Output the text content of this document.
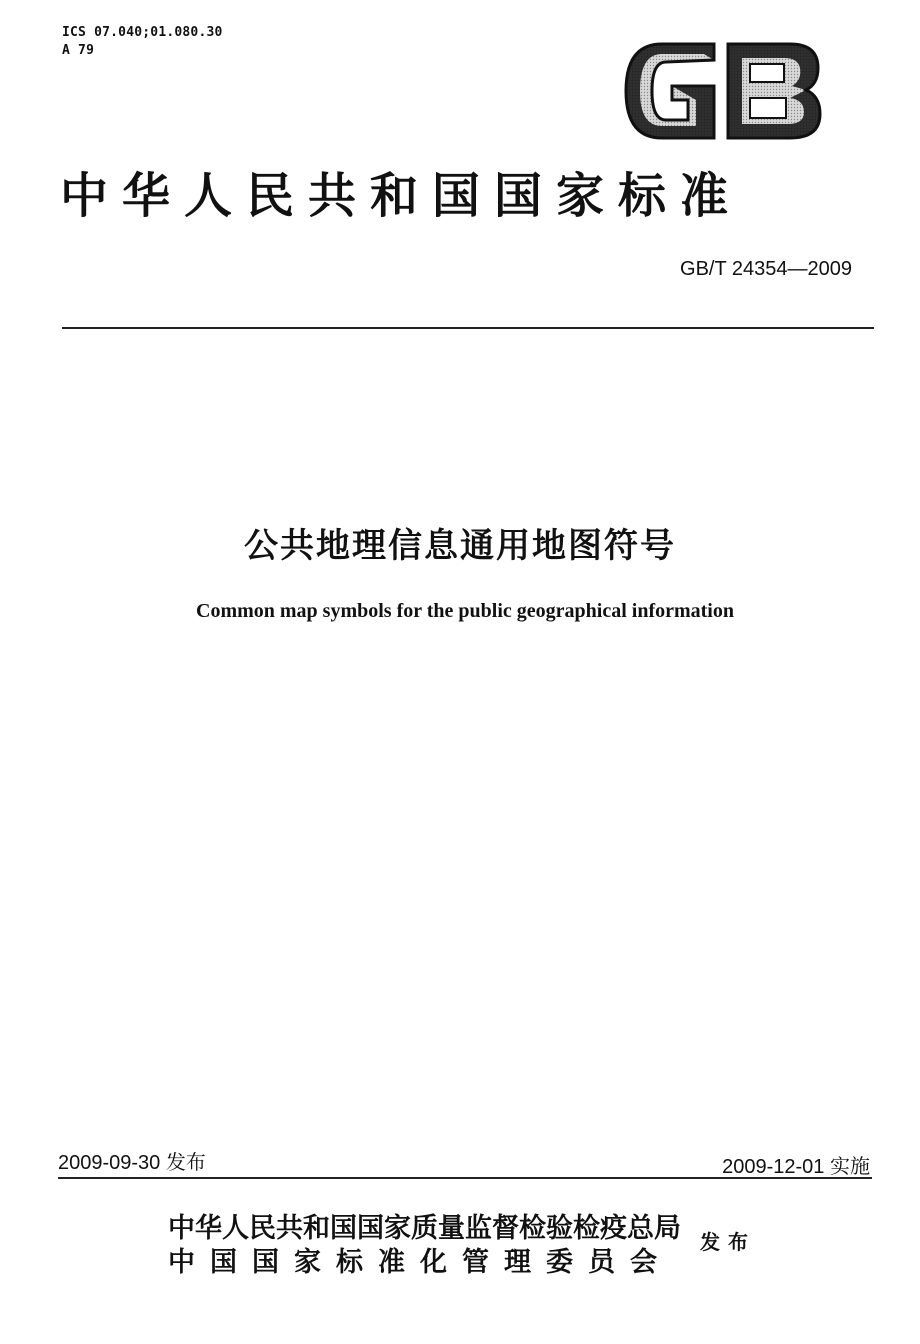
ICS 07.040;01.080.30
A 79
中华人民共和国国家标准
GB/T 24354—2009
公共地理信息通用地图符号
Common map symbols for the public geographical information
2009-09-30 发布	2009-12-01 实施
中华人民共和国国家质量监督检验检疫总局
中国国家标准化管理委员会
发布
